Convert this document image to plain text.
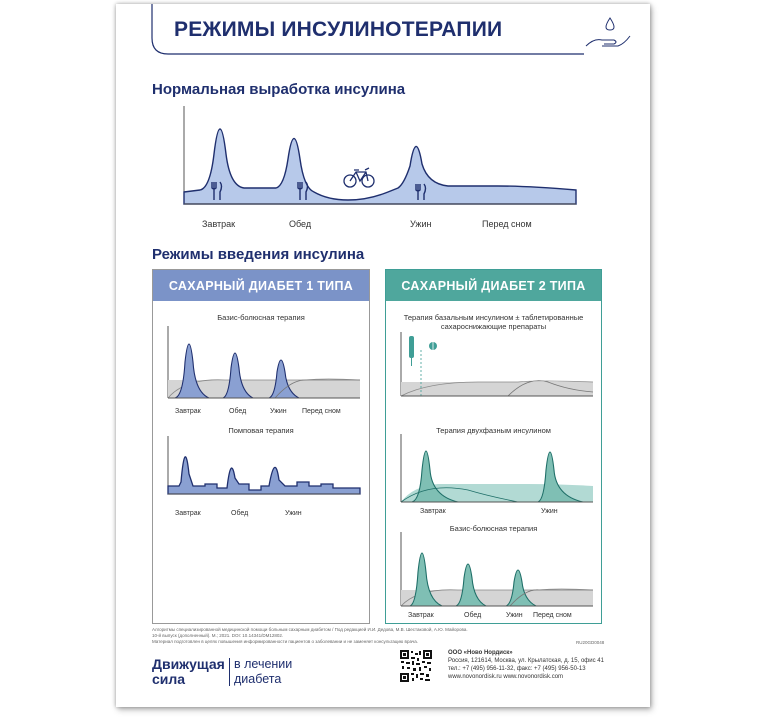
РЕЖИМЫ ИНСУЛИНОТЕРАПИИ
Нормальная выработка инсулина
Завтрак	Обед	Ужин	Перед сном
Режимы введения инсулина
САХАРНЫЙ ДИАБЕТ 1 ТИПА
Базис-болюсная терапия
Завтрак	Обед	Ужин Перед сном
Помповая терапия
Завтрак	Обед	Ужин
САХАРНЫЙ ДИАБЕТ 2 ТИПА
Терапия базальным инсулином ± таблетированные
сахароснижающие препараты
Терапия двухфазным инсулином
Завтрак	Ужин
Базис-болюсная терапия
Завтрак	Обед	Ужин Перед сном
Алгоритмы специализированной медицинской помощи больным сахарным диабетом / Под редакцией И.И. Дедова, М.В. Шестаковой, А.Ю. Майорова.
10-й выпуск (дополненный). М.; 2021. DOI: 10.14341/DM12802.
Материал подготовлен в целях повышения информированности пациентов о заболевании и не заменяет консультацию врача.	RU20GD0048
Движущая
сила
в лечении
диабета
ООО «Ново Нордиск»
Россия, 121614, Москва, ул. Крылатская, д. 15, офис 41
тел.: +7 (495) 956-11-32, факс: +7 (495) 956-50-13
www.novonordisk.ru www.novonordisk.com
